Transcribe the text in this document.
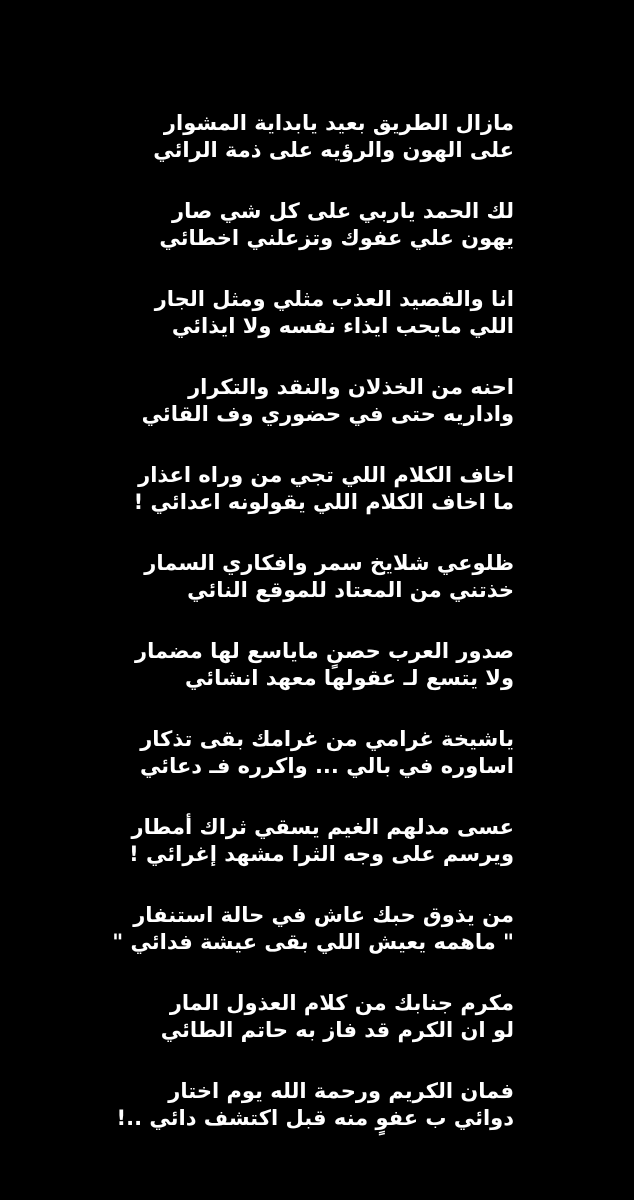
مازال الطريق بعيد يابداية المشوار
على الهون والرؤيه على ذمة الرائي
لك الحمد ياربي على كل شي صار
يهون علي عفوك وتزعلني اخطائي
انا والقصيد العذب مثلي ومثل الجار
اللي مايحب ايذاء نفسه ولا ايذائي
احنه من الخذلان والنقد والتكرار
واداريه حتى في حضوري وف القائي
اخاف الكلام اللي تجي من وراه اعذار
ما اخاف الكلام اللي يقولونه اعدائي !
ظلوعي شلايخ سمر وافكاري السمار
خذتني من المعتاد للموقع النائي
صدور العرب حصنٍ ماياسع لها مضمار
ولا يتسع لـ عقولها معهد انشائي
ياشيخة غرامي من غرامك بقى تذكار
اساوره في بالي ... واكرره فـ دعائي
عسى مدلهم الغيم يسقي ثراك أمطار
ويرسم على وجه الثرا مشهد إغرائي !
من يذوق حبك عاش في حالة استنفار
" ماهمه يعيش اللي بقى عيشة فدائي "
مكرم جنابك من كلام العذول المار
لو ان الكرم قد فاز به حاتم الطائي
فمان الكريم ورحمة الله يوم اختار
دوائي ب عفوٍ منه قبل اكتشف دائي ..!
